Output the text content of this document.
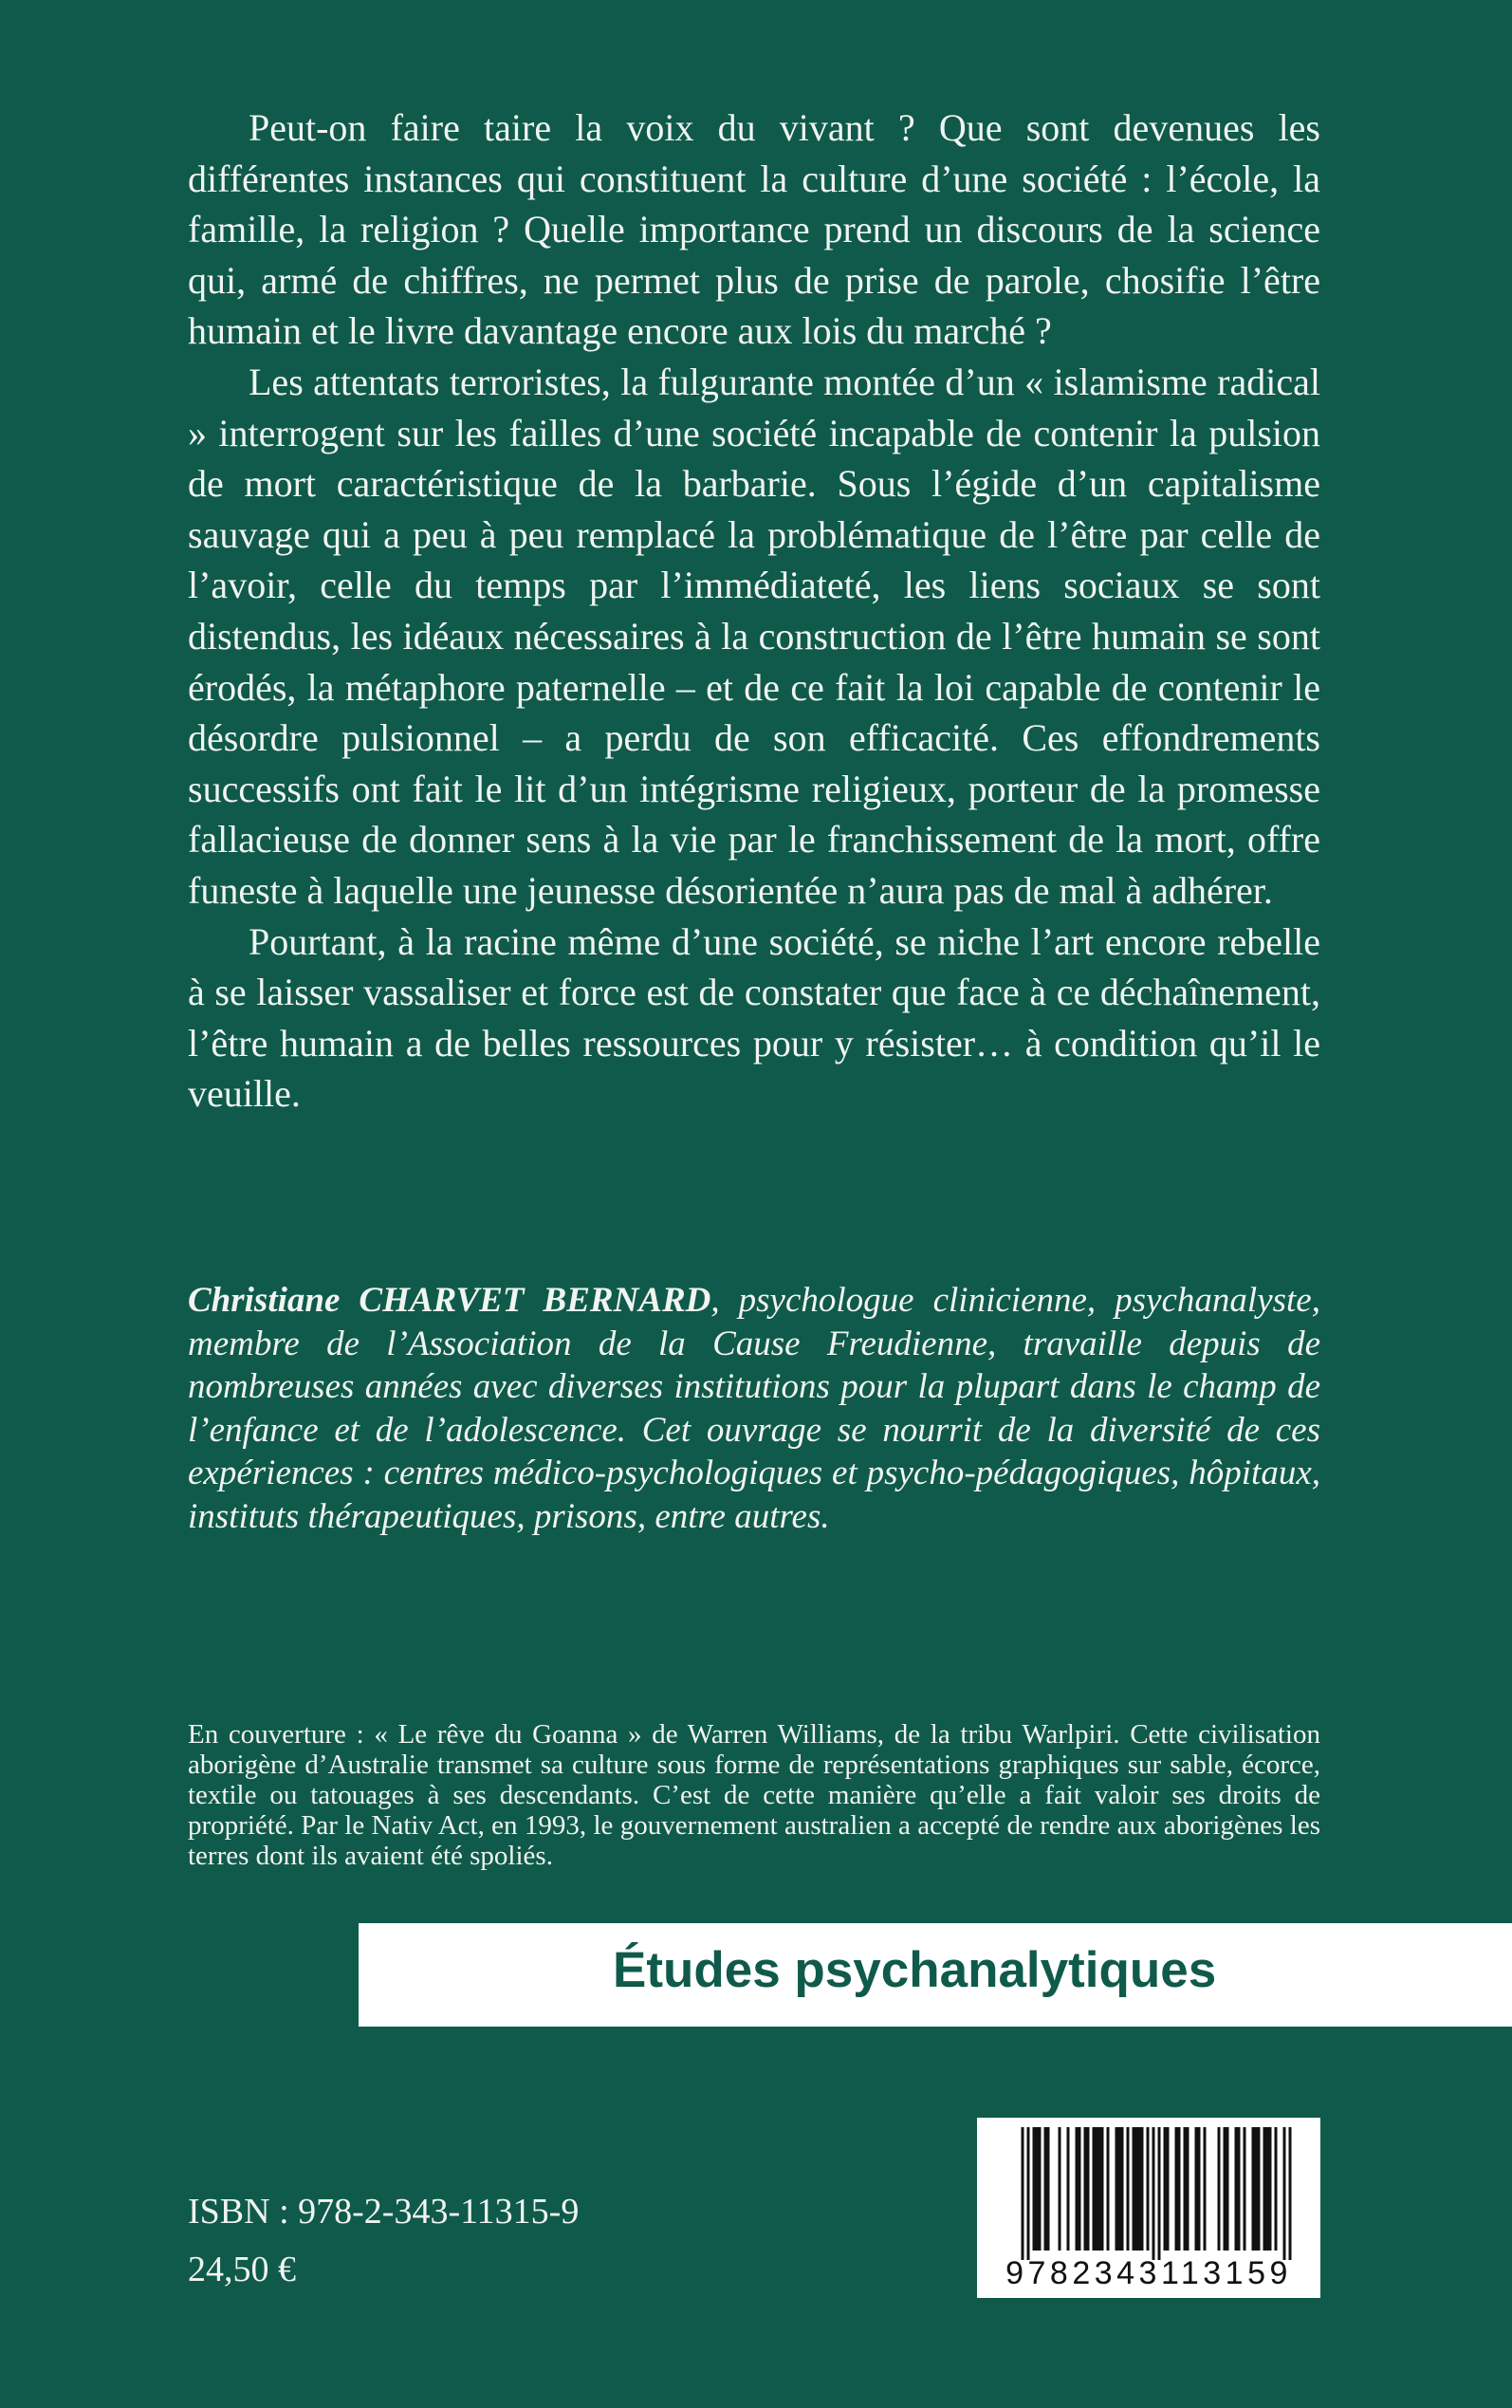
Peut-on faire taire la voix du vivant ? Que sont devenues les différentes instances qui constituent la culture d’une société : l’école, la famille, la religion ? Quelle importance prend un discours de la science qui, armé de chiffres, ne permet plus de prise de parole, chosifie l’être humain et le livre davantage encore aux lois du marché ?

Les attentats terroristes, la fulgurante montée d’un « islamisme radical » interrogent sur les failles d’une société incapable de contenir la pulsion de mort caractéristique de la barbarie. Sous l’égide d’un capitalisme sauvage qui a peu à peu remplacé la problématique de l’être par celle de l’avoir, celle du temps par l’immédiateté, les liens sociaux se sont distendus, les idéaux nécessaires à la construction de l’être humain se sont érodés, la métaphore paternelle – et de ce fait la loi capable de contenir le désordre pulsionnel – a perdu de son efficacité. Ces effondrements successifs ont fait le lit d’un intégrisme religieux, porteur de la promesse fallacieuse de donner sens à la vie par le franchissement de la mort, offre funeste à laquelle une jeunesse désorientée n’aura pas de mal à adhérer.

Pourtant, à la racine même d’une société, se niche l’art encore rebelle à se laisser vassaliser et force est de constater que face à ce déchaînement, l’être humain a de belles ressources pour y résister… à condition qu’il le veuille.

Christiane CHARVET BERNARD, psychologue clinicienne, psychanalyste, membre de l’Association de la Cause Freudienne, travaille depuis de nombreuses années avec diverses institutions pour la plupart dans le champ de l’enfance et de l’adolescence. Cet ouvrage se nourrit de la diversité de ces expériences : centres médico-psychologiques et psycho-pédagogiques, hôpitaux, instituts thérapeutiques, prisons, entre autres.

En couverture : « Le rêve du Goanna » de Warren Williams, de la tribu Warlpiri. Cette civilisation aborigène d’Australie transmet sa culture sous forme de représentations graphiques sur sable, écorce, textile ou tatouages à ses descendants. C’est de cette manière qu’elle a fait valoir ses droits de propriété. Par le Nativ Act, en 1993, le gouvernement australien a accepté de rendre aux aborigènes les terres dont ils avaient été spoliés.

Études psychanalytiques
ISBN : 978-2-343-11315-9
24,50 €	9782343113159
